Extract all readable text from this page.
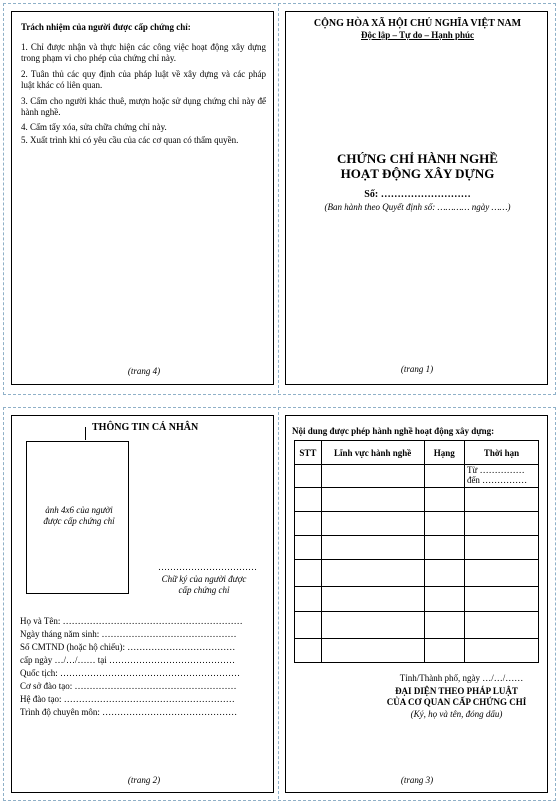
Trách nhiệm của người được cấp chứng chỉ:
1. Chỉ được nhận và thực hiện các công việc hoạt động xây dựng trong phạm vi cho phép của chứng chỉ này.
2. Tuân thủ các quy định của pháp luật về xây dựng và các pháp luật khác có liên quan.
3. Cấm cho người khác thuê, mượn hoặc sử dụng chứng chỉ này để hành nghề.
4. Cấm tẩy xóa, sửa chữa chứng chỉ này.
5. Xuất trình khi có yêu cầu của các cơ quan có thẩm quyền.
(trang 4)
CỘNG HÒA XÃ HỘI CHỦ NGHĨA VIỆT NAM
Độc lập – Tự do – Hạnh phúc
CHỨNG CHỈ HÀNH NGHỀ
HOẠT ĐỘNG XÂY DỰNG
Số: ………………………
(Ban hành theo Quyết định số: ………… ngày ……)
(trang 1)
THÔNG TIN CÁ NHÂN
ảnh 4x6 của người được cấp chứng chỉ
……………………………
Chữ ký của người được cấp chứng chỉ
Họ và Tên: ……………………………………………………
Ngày tháng năm sinh: ………………………………………
Số CMTND (hoặc hộ chiếu): ………………………………
cấp ngày …/…/…… tại ……………………………………
Quốc tịch: ……………………………………………………
Cơ sở đào tạo: ………………………………………………
Hệ đào tạo: …………………………………………………
Trình độ chuyên môn: ………………………………………
(trang 2)
Nội dung được phép hành nghề hoạt động xây dựng:
STT	Lĩnh vực hành nghề	Hạng	Thời hạn

			Từ ……………
đến ……………

Tỉnh/Thành phố, ngày …/…/……
ĐẠI DIỆN THEO PHÁP LUẬT
CỦA CƠ QUAN CẤP CHỨNG CHỈ
(Ký, họ và tên, đóng dấu)
(trang 3)
